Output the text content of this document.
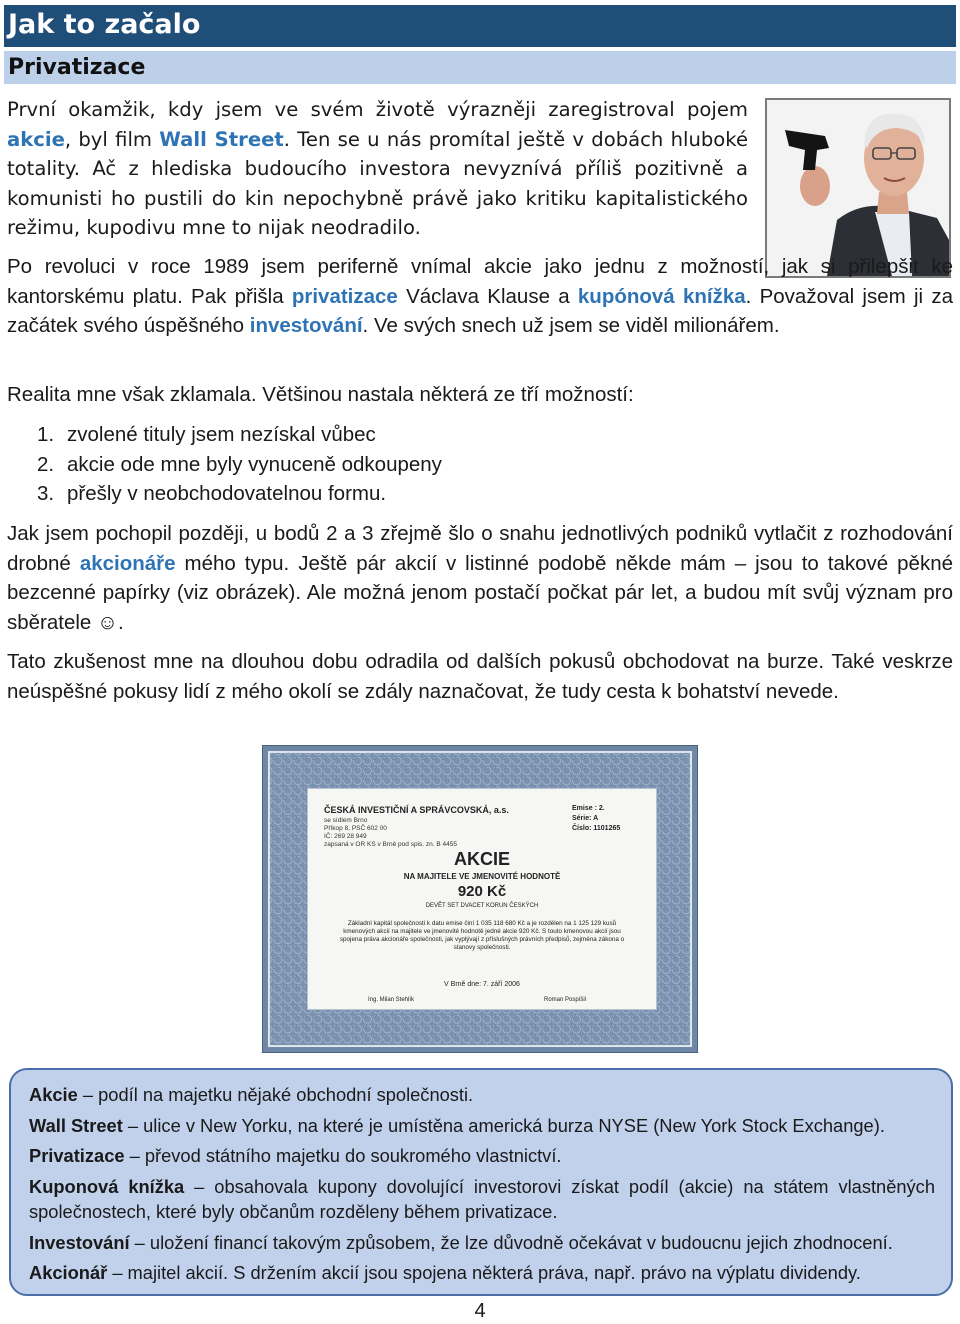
Jak to začalo
Privatizace

První okamžik, kdy jsem ve svém životě výrazněji zaregistroval pojem akcie, byl film Wall Street. Ten se u nás promítal ještě v dobách hluboké totality. Ač z hlediska budoucího investora nevyznívá příliš pozitivně a komunisti ho pustili do kin nepochybně právě jako kritiku kapitalistického režimu, kupodivu mne to nijak neodradilo.

Po revoluci v roce 1989 jsem periferně vnímal akcie jako jednu z možností, jak si přilepšit ke kantorskému platu. Pak přišla privatizace Václava Klause a kupónová knížka. Považoval jsem ji za začátek svého úspěšného investování. Ve svých snech už jsem se viděl milionářem.

Realita mne však zklamala. Většinou nastala některá ze tří možností:

1. zvolené tituly jsem nezískal vůbec
2. akcie ode mne byly vynuceně odkoupeny
3. přešly v neobchodovatelnou formu.

Jak jsem pochopil později, u bodů 2 a 3 zřejmě šlo o snahu jednotlivých podniků vytlačit z rozhodování drobné akcionáře mého typu. Ještě pár akcií v listinné podobě někde mám – jsou to takové pěkné bezcenné papírky (viz obrázek). Ale možná jenom postačí počkat pár let, a budou mít svůj význam pro sběratele ☺.

Tato zkušenost mne na dlouhou dobu odradila od dalších pokusů obchodovat na burze. Také veskrze neúspěšné pokusy lidí z mého okolí se zdály naznačovat, že tudy cesta k bohatství nevede.

ČESKÁ INVESTIČNÍ A SPRÁVCOVSKÁ, a.s.
se sídlem Brno
Příkop 8, PSČ 602 00
IČ: 269 28 949
zapsaná v OR KS v Brně pod spis. zn. B 4455
Emise : 2.
Série: A
Číslo: 1101265
AKCIE
NA MAJITELE VE JMENOVITÉ HODNOTĚ
920 Kč
DEVĚT SET DVACET KORUN ČESKÝCH
Základní kapitál společnosti k datu emise činí 1 035 118 680 Kč a je rozdělen na 1 125 129 kusů kmenových akcií na majitele ve jmenovité hodnotě jedné akcie 920 Kč. S touto kmenovou akcií jsou spojena práva akcionáře společnosti, jak vyplývají z příslušných právních předpisů, zejména zákona o stanovy společnosti.
V Brně dne: 7. září 2006
Ing. Milan Stehlík	Roman Pospíšil

Akcie – podíl na majetku nějaké obchodní společnosti.

Wall Street – ulice v New Yorku, na které je umístěna americká burza NYSE (New York Stock Exchange).

Privatizace – převod státního majetku do soukromého vlastnictví.

Kuponová knížka – obsahovala kupony dovolující investorovi získat podíl (akcie) na státem vlastněných společnostech, které byly občanům rozděleny během privatizace.

Investování – uložení financí takovým způsobem, že lze důvodně očekávat v budoucnu jejich zhodnocení.

Akcionář – majitel akcií. S držením akcií jsou spojena některá práva, např. právo na výplatu dividendy.

4
